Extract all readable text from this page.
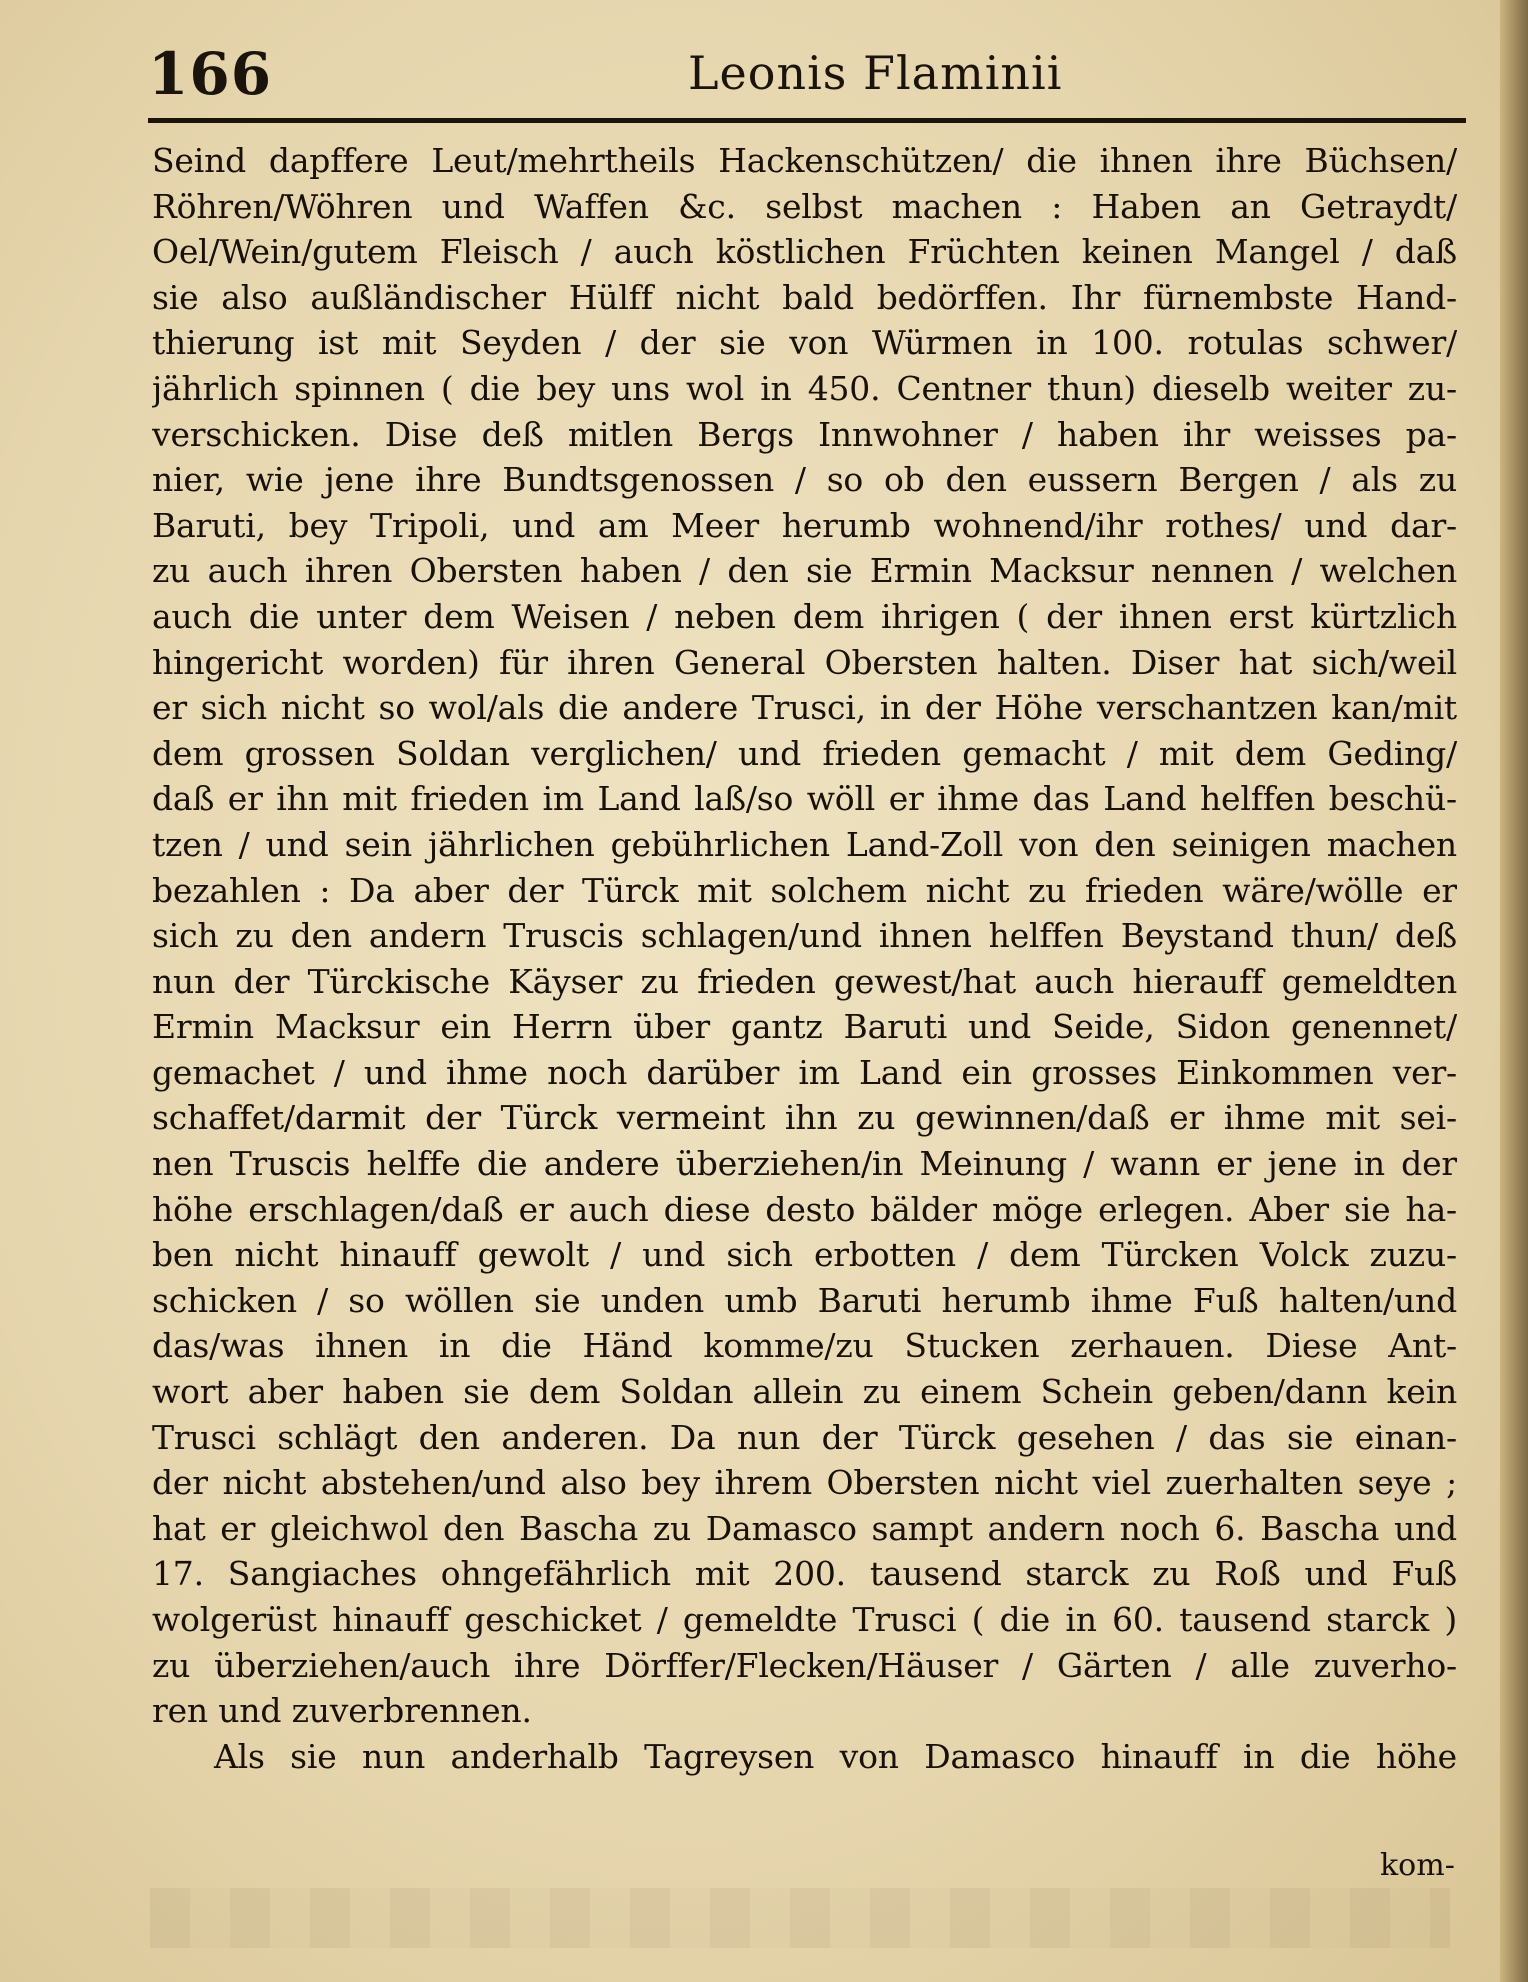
166	Leonis Flaminii
Seind dapffere Leut/mehrtheils Hackenschützen/ die ihnen ihre Büchsen/
Röhren/Wöhren und Waffen &c. selbst machen : Haben an Getraydt/
Oel/Wein/gutem Fleisch / auch köstlichen Früchten keinen Mangel / daß
sie also außländischer Hülff nicht bald bedörffen. Ihr fürnembste Hand-
thierung ist mit Seyden / der sie von Würmen in 100. rotulas schwer/
jährlich spinnen ( die bey uns wol in 450. Centner thun) dieselb weiter zu-
verschicken. Dise deß mitlen Bergs Innwohner / haben ihr weisses pa-
nier, wie jene ihre Bundtsgenossen / so ob den eussern Bergen / als zu
Baruti, bey Tripoli, und am Meer herumb wohnend/ihr rothes/ und dar-
zu auch ihren Obersten haben / den sie Ermin Macksur nennen / welchen
auch die unter dem Weisen / neben dem ihrigen ( der ihnen erst kürtzlich
hingericht worden) für ihren General Obersten halten. Diser hat sich/weil
er sich nicht so wol/als die andere Trusci, in der Höhe verschantzen kan/mit
dem grossen Soldan verglichen/ und frieden gemacht / mit dem Geding/
daß er ihn mit frieden im Land laß/so wöll er ihme das Land helffen beschü-
tzen / und sein jährlichen gebührlichen Land-Zoll von den seinigen machen
bezahlen : Da aber der Türck mit solchem nicht zu frieden wäre/wölle er
sich zu den andern Truscis schlagen/und ihnen helffen Beystand thun/ deß
nun der Türckische Käyser zu frieden gewest/hat auch hierauff gemeldten
Ermin Macksur ein Herrn über gantz Baruti und Seide, Sidon genennet/
gemachet / und ihme noch darüber im Land ein grosses Einkommen ver-
schaffet/darmit der Türck vermeint ihn zu gewinnen/daß er ihme mit sei-
nen Truscis helffe die andere überziehen/in Meinung / wann er jene in der
höhe erschlagen/daß er auch diese desto bälder möge erlegen. Aber sie ha-
ben nicht hinauff gewolt / und sich erbotten / dem Türcken Volck zuzu-
schicken / so wöllen sie unden umb Baruti herumb ihme Fuß halten/und
das/was ihnen in die Händ komme/zu Stucken zerhauen. Diese Ant-
wort aber haben sie dem Soldan allein zu einem Schein geben/dann kein
Trusci schlägt den anderen. Da nun der Türck gesehen / das sie einan-
der nicht abstehen/und also bey ihrem Obersten nicht viel zuerhalten seye ;
hat er gleichwol den Bascha zu Damasco sampt andern noch 6. Bascha und
17. Sangiaches ohngefährlich mit 200. tausend starck zu Roß und Fuß
wolgerüst hinauff geschicket / gemeldte Trusci ( die in 60. tausend starck )
zu überziehen/auch ihre Dörffer/Flecken/Häuser / Gärten / alle zuverho-
ren und zuverbrennen.
Als sie nun anderhalb Tagreysen von Damasco hinauff in die höhe
kom-
